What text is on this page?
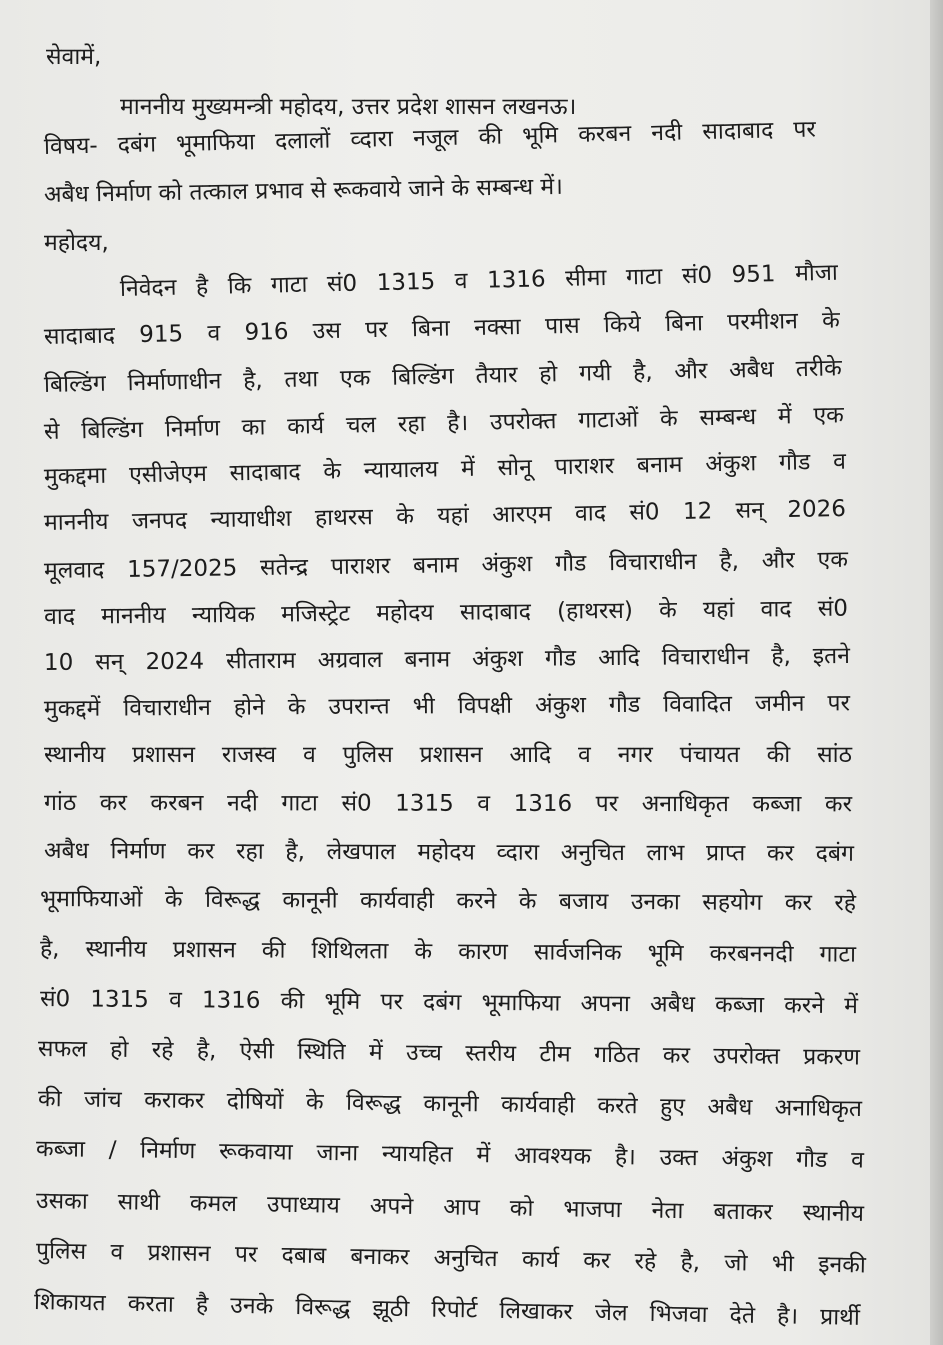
सेवामें,

माननीय मुख्यमन्त्री महोदय, उत्तर प्रदेश शासन लखनऊ।

विषय- दबंग भूमाफिया दलालों व्दारा नजूल की भूमि करबन नदी सादाबाद पर

अबैध निर्माण को तत्काल प्रभाव से रूकवाये जाने के सम्बन्ध में।

महोदय,

निवेदन है कि गाटा सं0 1315 व 1316 सीमा गाटा सं0 951 मौजा

सादाबाद 915 व 916 उस पर बिना नक्सा पास किये बिना परमीशन के

बिल्डिंग निर्माणाधीन है, तथा एक बिल्डिंग तैयार हो गयी है, और अबैध तरीके

से बिल्डिंग निर्माण का कार्य चल रहा है। उपरोक्त गाटाओं के सम्बन्ध में एक

मुकद्दमा एसीजेएम सादाबाद के न्यायालय में सोनू पाराशर बनाम अंकुश गौड व

माननीय जनपद न्यायाधीश हाथरस के यहां आरएम वाद सं0 12 सन् 2026

मूलवाद 157/2025 सतेन्द्र पाराशर बनाम अंकुश गौड विचाराधीन है, और एक

वाद माननीय न्यायिक मजिस्ट्रेट महोदय सादाबाद (हाथरस) के यहां वाद सं0

10 सन् 2024 सीताराम अग्रवाल बनाम अंकुश गौड आदि विचाराधीन है, इतने

मुकद्दमें विचाराधीन होने के उपरान्त भी विपक्षी अंकुश गौड विवादित जमीन पर

स्थानीय प्रशासन राजस्व व पुलिस प्रशासन आदि व नगर पंचायत की सांठ

गांठ कर करबन नदी गाटा सं0 1315 व 1316 पर अनाधिकृत कब्जा कर

अबैध निर्माण कर रहा है, लेखपाल महोदय व्दारा अनुचित लाभ प्राप्त कर दबंग

भूमाफियाओं के विरूद्ध कानूनी कार्यवाही करने के बजाय उनका सहयोग कर रहे

है, स्थानीय प्रशासन की शिथिलता के कारण सार्वजनिक भूमि करबननदी गाटा

सं0 1315 व 1316 की भूमि पर दबंग भूमाफिया अपना अबैध कब्जा करने में

सफल हो रहे है, ऐसी स्थिति में उच्च स्तरीय टीम गठित कर उपरोक्त प्रकरण

की जांच कराकर दोषियों के विरूद्ध कानूनी कार्यवाही करते हुए अबैध अनाधिकृत

कब्जा / निर्माण रूकवाया जाना न्यायहित में आवश्यक है। उक्त अंकुश गौड व

उसका साथी कमल उपाध्याय अपने आप को भाजपा नेता बताकर स्थानीय

पुलिस व प्रशासन पर दबाब बनाकर अनुचित कार्य कर रहे है, जो भी इनकी

शिकायत करता है उनके विरूद्ध झूठी रिपोर्ट लिखाकर जेल भिजवा देते है। प्रार्थी
